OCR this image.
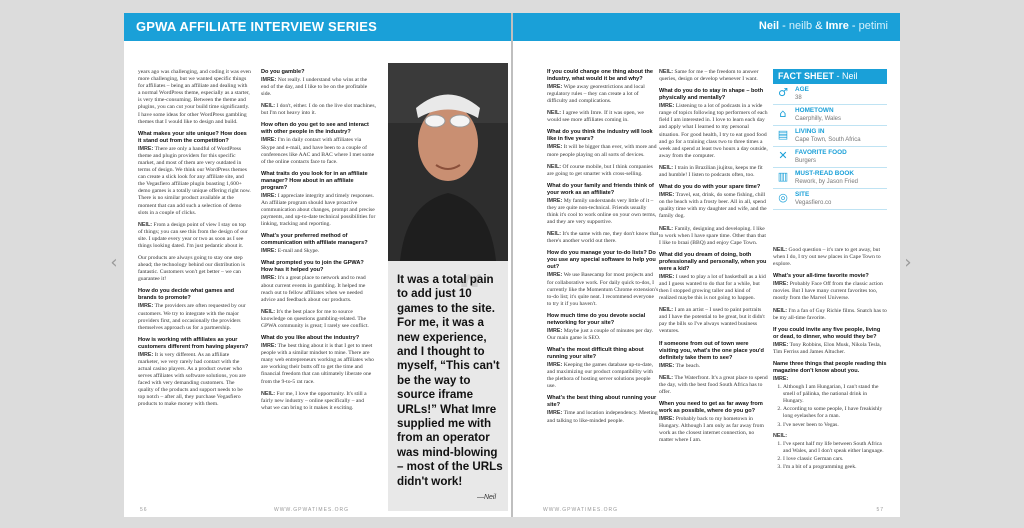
‹	›
GPWA AFFILIATE INTERVIEW SERIES

years ago was challenging, and coding it was even more challenging, but we wanted specific things for affiliates – being an affiliate and dealing with a normal WordPress theme, especially as a starter, is very time-consuming. Between the theme and plugins, you can cut your build time significantly. I have some ideas for other WordPress gambling themes that I would like to design and build.

What makes your site unique? How does it stand out from the competition?

IMRE: There are only a handful of WordPress theme and plugin providers for this specific market, and most of them are very outdated in terms of design. We think our WordPress themes can create a slick look for any affiliate site, and the Vegasfiero affiliate plugin boasting 1,600+ demo games is a totally unique offering right now. There is no similar product available at the moment that can add such a selection of demo slots in a couple of clicks.

NEIL: From a design point of view I stay on top of things; you can see this from the design of our site. I update every year or two as soon as I see things looking dated. I'm just pedantic about it.

Our products are always going to stay one step ahead; the technology behind our distribution is fantastic. Customers won't get better – we can guarantee it!

How do you decide what games and brands to promote?

IMRE: The providers are often requested by our customers. We try to integrate with the major providers first, and occasionally the providers themselves approach us for a partnership.

How is working with affiliates as your customers different from having players?

IMRE: It is very different. As an affiliate marketer, we very rarely had contact with the actual casino players. As a product owner who serves affiliates with software solutions, you are faced with very demanding customers. The quality of the products and support needs to be top notch – after all, they purchase Vegasfiero products to make money with them.

Do you gamble?

IMRE: Not really. I understand who wins at the end of the day, and I like to be on the profitable side.

NEIL: I don't, either. I do on the live slot machines, but I'm not heavy into it.

How often do you get to see and interact with other people in the industry?

IMRE: I'm in daily contact with affiliates via Skype and e-mail, and have been to a couple of conferences like AAC and BAC where I met some of the online contacts face to face.

What traits do you look for in an affiliate manager? How about in an affiliate program?

IMRE: I appreciate integrity and timely responses. An affiliate program should have proactive communication about changes, prompt and precise payments, and up-to-date technical possibilities for linking, tracking and reporting.

What's your preferred method of communication with affiliate managers?

IMRE: E-mail and Skype.

What prompted you to join the GPWA? How has it helped you?

IMRE: It's a great place to network and to read about current events in gambling. It helped me reach out to fellow affiliates when we needed advice and feedback about our products.

NEIL: It's the best place for me to source knowledge on questions gambling-related. The GPWA community is great; I rarely see conflict.

What do you like about the industry?

IMRE: The best thing about it is that I get to meet people with a similar mindset to mine. There are many web entrepreneurs working as affiliates who are working their butts off to get the time and financial freedom that can ultimately liberate one from the 9-to-5 rat race.

NEIL: For me, I love the opportunity. It's still a fairly new industry – online specifically – and what we can bring to it makes it exciting.

“
It was a total pain to add just 10 games to the site. For me, it was a new experience, and I thought to myself, “This can't be the way to source iframe URLs!” What Imre supplied me with from an operator was mind-blowing – most of the URLs didn't work!
—Neil
56	WWW.GPWATIMES.ORG
Neil - neilb & Imre - petimi

If you could change one thing about the industry, what would it be and why?

IMRE: Wipe away georestrictions and local regulatory rules – they can create a lot of difficulty and complications.

NEIL: I agree with Imre. If it was open, we would see more affiliates coming in.

What do you think the industry will look like in five years?

IMRE: It will be bigger than ever, with more and more people playing on all sorts of devices.

NEIL: Of course mobile, but I think companies are going to get smarter with cross-selling.

What do your family and friends think of your work as an affiliate?

IMRE: My family understands very little of it – they are quite non-technical. Friends usually think it's cool to work online on your own terms, and they are very supportive.

NEIL: It's the same with me, they don't know that there's another world out there.

How do you manage your to-do lists? Do you use any special software to help you out?

IMRE: We use Basecamp for most projects and for collaborative work. For daily quick to-dos, I currently like the Momentum Chrome extension's to-do list; it's quite neat. I recommend everyone to try it if you haven't.

How much time do you devote social networking for your site?

IMRE: Maybe just a couple of minutes per day. Our main game is SEO.

What's the most difficult thing about running your site?

IMRE: Keeping the games database up-to-date, and maximizing our product compatibility with the plethora of hosting server solutions people use.

What's the best thing about running your site?

IMRE: Time and location independency. Meeting and talking to like-minded people.

NEIL: Same for me – the freedom to answer queries, design or develop whenever I want.

What do you do to stay in shape – both physically and mentally?

IMRE: Listening to a lot of podcasts in a wide range of topics following top performers of each field I am interested in. I love to learn each day and apply what I learned to my personal situation. For good health, I try to eat good food and go for a training class two to three times a week and spend at least two hours a day outside, away from the computer.

NEIL: I train in Brazilian jiujitsu, keeps me fit and humble! I listen to podcasts often, too.

What do you do with your spare time?

IMRE: Travel, eat, drink, do some fishing, chill on the beach with a frosty beer. All in all, spend quality time with my daughter and wife, and the family dog.

NEIL: Family, designing and developing. I like to work when I have spare time. Other than that I like to braai (BBQ) and enjoy Cape Town.

What did you dream of doing, both professionally and personally, when you were a kid?

IMRE: I used to play a lot of basketball as a kid and I guess wanted to do that for a while, but then I stopped growing taller and kind of realized maybe this is not going to happen.

NEIL: I am an artist – I used to paint portraits and I have the potential to be great, but it didn't pay the bills so I've always wanted business ventures.

If someone from out of town were visiting you, what's the one place you'd definitely take them to see?

IMRE: The beach.

NEIL: The Waterfront. It's a great place to spend the day, with the best food South Africa has to offer.

When you need to get as far away from work as possible, where do you go?

IMRE: Probably back to my hometown in Hungary. Although I am only as far away from work as the closest internet connection, no matter where I am.

FACT SHEET - Neil
♂ AGE
38
⌂	HOMETOWN
Caerphilly, Wales
▤ LIVING IN
Cape Town, South Africa
✕ FAVORITE FOOD
Burgers
▥ MUST-READ BOOK
Rework, by Jason Fried
◎ SITE
Vegasfiero.co

NEIL: Good question – it's rare to get away, but when I do, I try out new places in Cape Town to explore.

What's your all-time favorite movie?

IMRE: Probably Face Off from the classic action movies. But I have many current favorites too, mostly from the Marvel Universe.

NEIL: I'm a fan of Guy Richie films. Snatch has to be my all-time favorite.

If you could invite any five people, living or dead, to dinner, who would they be?

IMRE: Tony Robbins, Elon Musk, Nikola Tesla, Tim Ferriss and James Altucher.

Name three things that people reading this magazine don't know about you.

IMRE:

1. Although I am Hungarian, I can't stand the smell of pálinka, the national drink in Hungary.
2. According to some people, I have freakishly long eyelashes for a man.
3. I've never been to Vegas.

NEIL:

1. I've spent half my life between South Africa and Wales, and I don't speak either language.
2. I love classic German cars.
3. I'm a bit of a programming geek.
WWW.GPWATIMES.ORG	57
